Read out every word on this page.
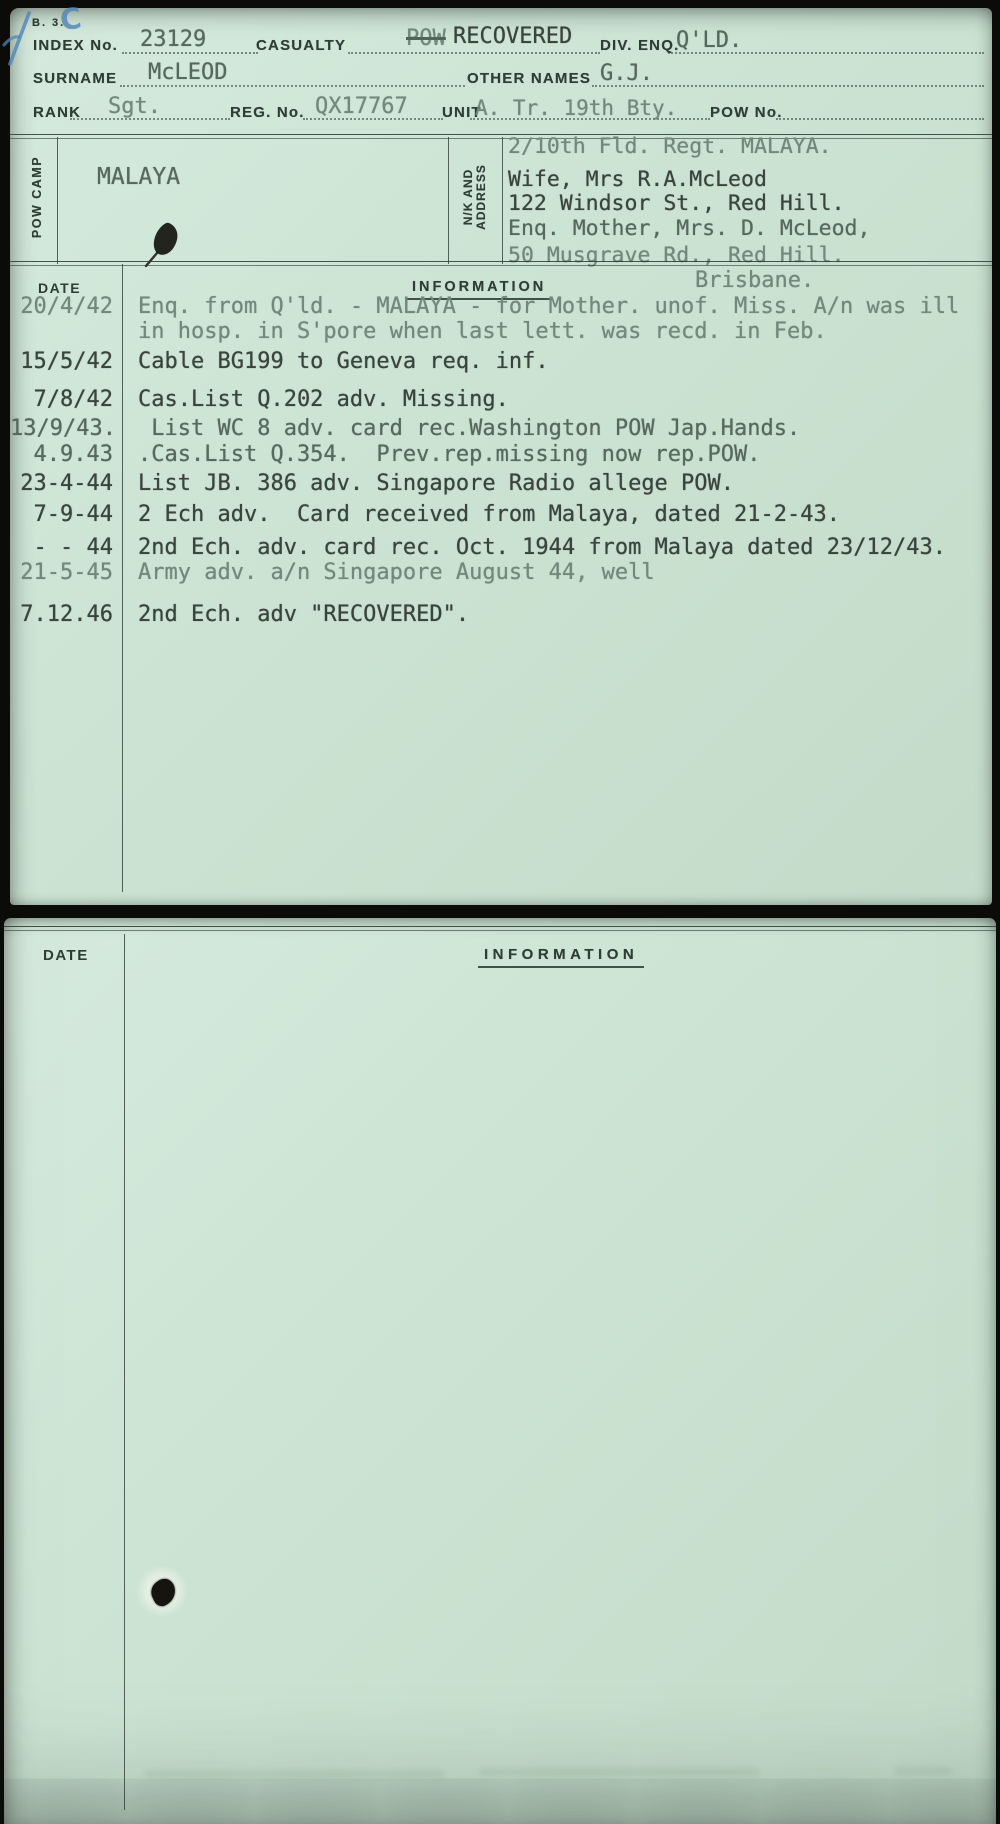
C
B. 3.
INDEX No. 23129	CASUALTY	POW RECOVERED DIV. ENQ.
Q'LD.
SURNAME McLEOD	OTHER NAMES G.J.
RANK Sgt.	REG. No. QX17767 UNIT
A. Tr. 19th Bty. POW No.
POW CAMP MALAYA	N/K AND ADDRESS
2/10th Fld. Regt. MALAYA.
Wife, Mrs R.A.McLeod
122 Windsor St., Red Hill.
Enq. Mother, Mrs. D. McLeod,
50 Musgrave Rd., Red Hill.
Brisbane.
DATE	INFORMATION
20/4/42 Enq. from Q'ld. - MALAYA - for Mother. unof. Miss. A/n was ill
in hosp. in S'pore when last lett. was recd. in Feb.
15/5/42 Cable BG199 to Geneva req. inf.
7/8/42 Cas.List Q.202 adv. Missing.
13/9/43. List WC 8 adv. card rec.Washington POW Jap.Hands.
4.9.43 .Cas.List Q.354.  Prev.rep.missing now rep.POW.
23-4-44 List JB. 386 adv. Singapore Radio allege POW.
7-9-44 2 Ech adv.  Card received from Malaya, dated 21-2-43.
- - 44 2nd Ech. adv. card rec. Oct. 1944 from Malaya dated 23/12/43.
21-5-45 Army adv. a/n Singapore August 44, well
7.12.46 2nd Ech. adv "RECOVERED".
DATE	INFORMATION
